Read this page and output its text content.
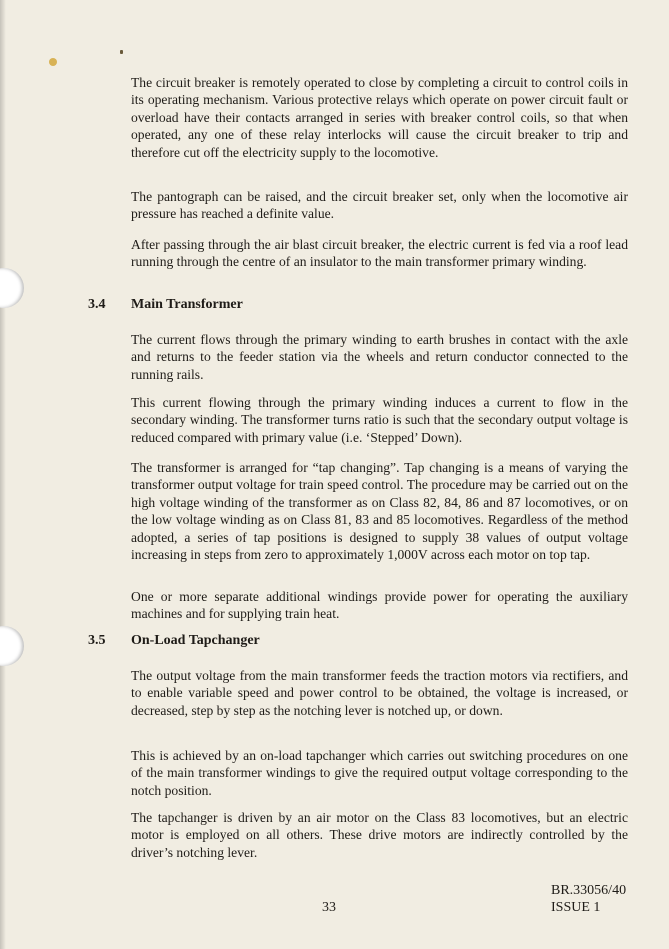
The circuit breaker is remotely operated to close by completing a circuit to control coils in its operating mechanism. Various protective relays which operate on power circuit fault or overload have their contacts arranged in series with breaker control coils, so that when operated, any one of these relay interlocks will cause the circuit breaker to trip and therefore cut off the electricity supply to the locomotive.

The pantograph can be raised, and the circuit breaker set, only when the locomotive air pressure has reached a definite value.

After passing through the air blast circuit breaker, the electric current is fed via a roof lead running through the centre of an insulator to the main transformer primary winding.

3.4 Main Transformer

The current flows through the primary winding to earth brushes in contact with the axle and returns to the feeder station via the wheels and return conductor connected to the running rails.

This current flowing through the primary winding induces a current to flow in the secondary winding. The transformer turns ratio is such that the secondary output voltage is reduced compared with primary value (i.e. ‘Stepped’ Down).

The transformer is arranged for “tap changing”. Tap changing is a means of varying the transformer output voltage for train speed control. The procedure may be carried out on the high voltage winding of the transformer as on Class 82, 84, 86 and 87 locomotives, or on the low voltage winding as on Class 81, 83 and 85 locomotives. Regardless of the method adopted, a series of tap positions is designed to supply 38 values of output voltage increasing in steps from zero to approximately 1,000V across each motor on top tap.

One or more separate additional windings provide power for operating the auxiliary machines and for supplying train heat.

3.5 On-Load Tapchanger

The output voltage from the main transformer feeds the traction motors via rectifiers, and to enable variable speed and power control to be obtained, the voltage is increased, or decreased, step by step as the notching lever is notched up, or down.

This is achieved by an on-load tapchanger which carries out switching procedures on one of the main transformer windings to give the required output voltage corresponding to the notch position.

The tapchanger is driven by an air motor on the Class 83 locomotives, but an electric motor is employed on all others. These drive motors are indirectly controlled by the driver’s notching lever.

33
BR.33056/40
ISSUE 1
